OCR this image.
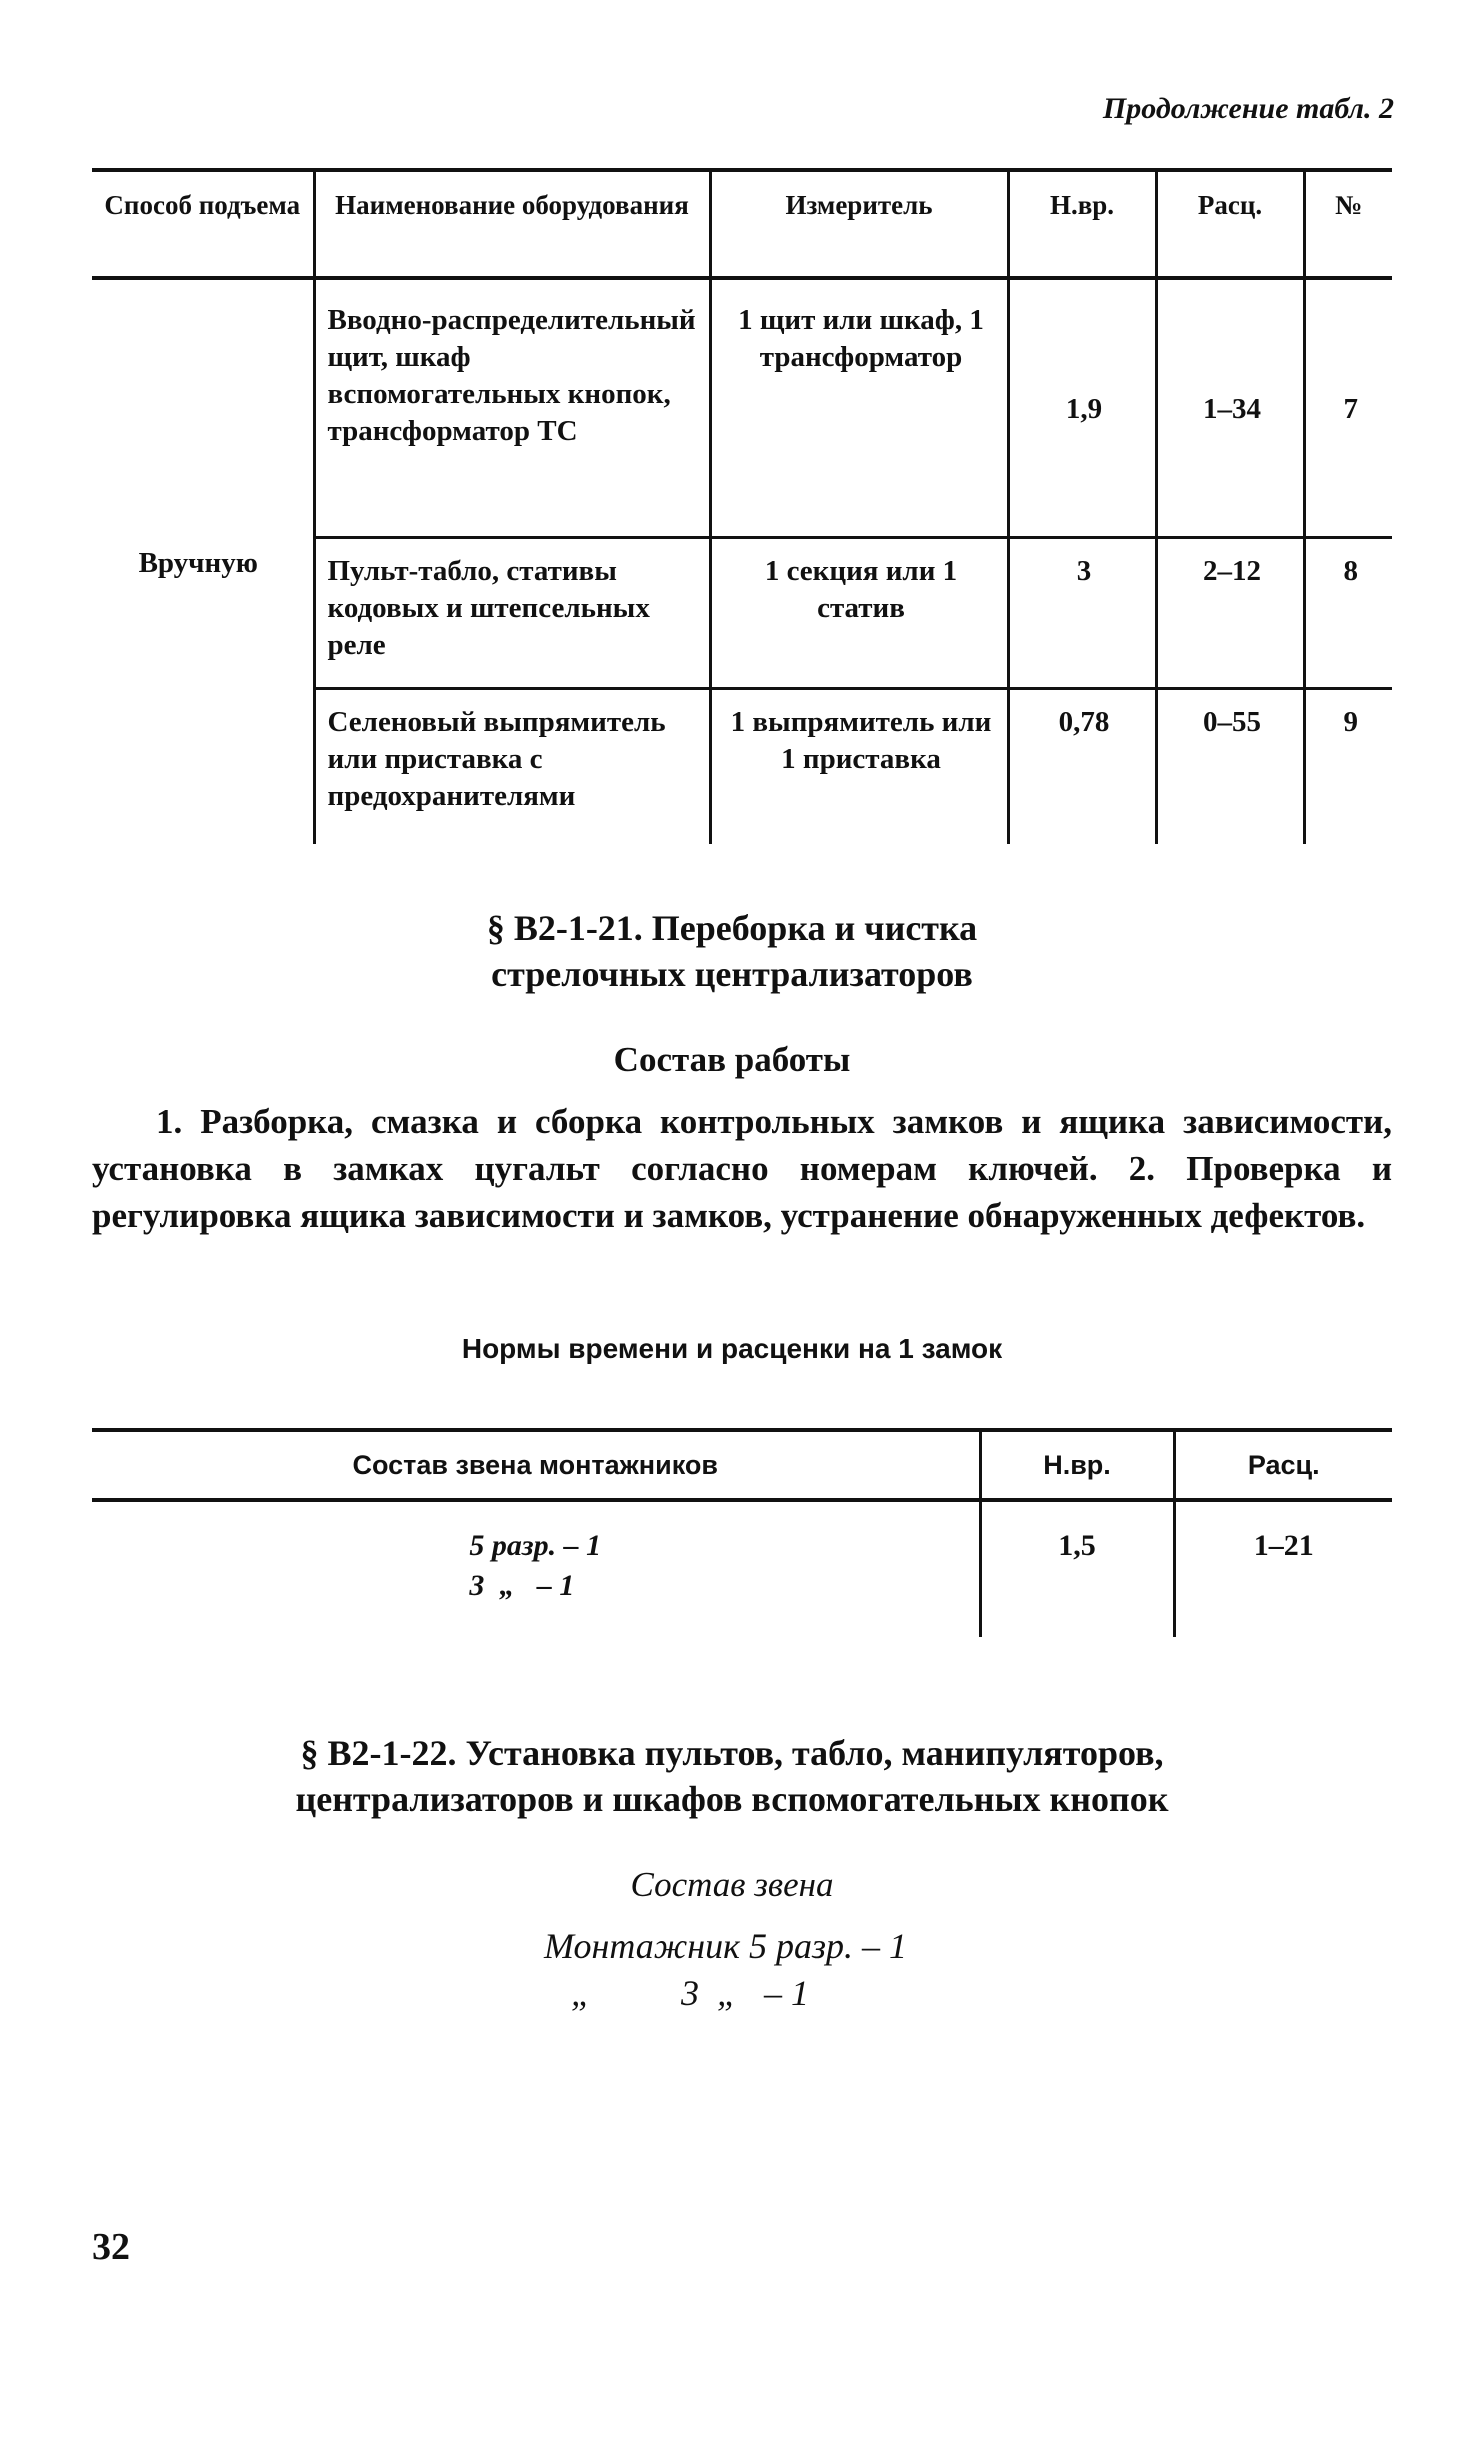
Продолжение табл. 2
Способ подъема	Наименование оборудования	Измеритель	Н.вр.	Расц.	№
Вручную	Вводно-распределительный щит, шкаф вспомогательных кнопок, трансформатор ТС	1 щит или шкаф, 1 трансформатор	1,9	1–34	7
	Пульт-табло, стативы кодовых и штепсельных реле	1 секция или 1 статив	3	2–12	8
	Селеновый выпрямитель или приставка с предохранителями	1 выпрямитель или 1 приставка	0,78	0–55	9
§ В2-1-21. Переборка и чистка
стрелочных централизаторов
Состав работы
1. Разборка, смазка и сборка контрольных замков и ящика зависимости, установка в замках цугальт согласно номерам ключей. 2. Проверка и регулировка ящика зависимости и замков, устранение обнаруженных дефектов.
Нормы времени и расценки на 1 замок
Состав звена монтажников	Н.вр.	Расц.

5 разр. – 1
3  „   – 1	1,5	1–21
§ В2-1-22. Установка пультов, табло, манипуляторов,
централизаторов и шкафов вспомогательных кнопок
Состав звена
Монтажник 5 разр. – 1
„          3  „   – 1
32
